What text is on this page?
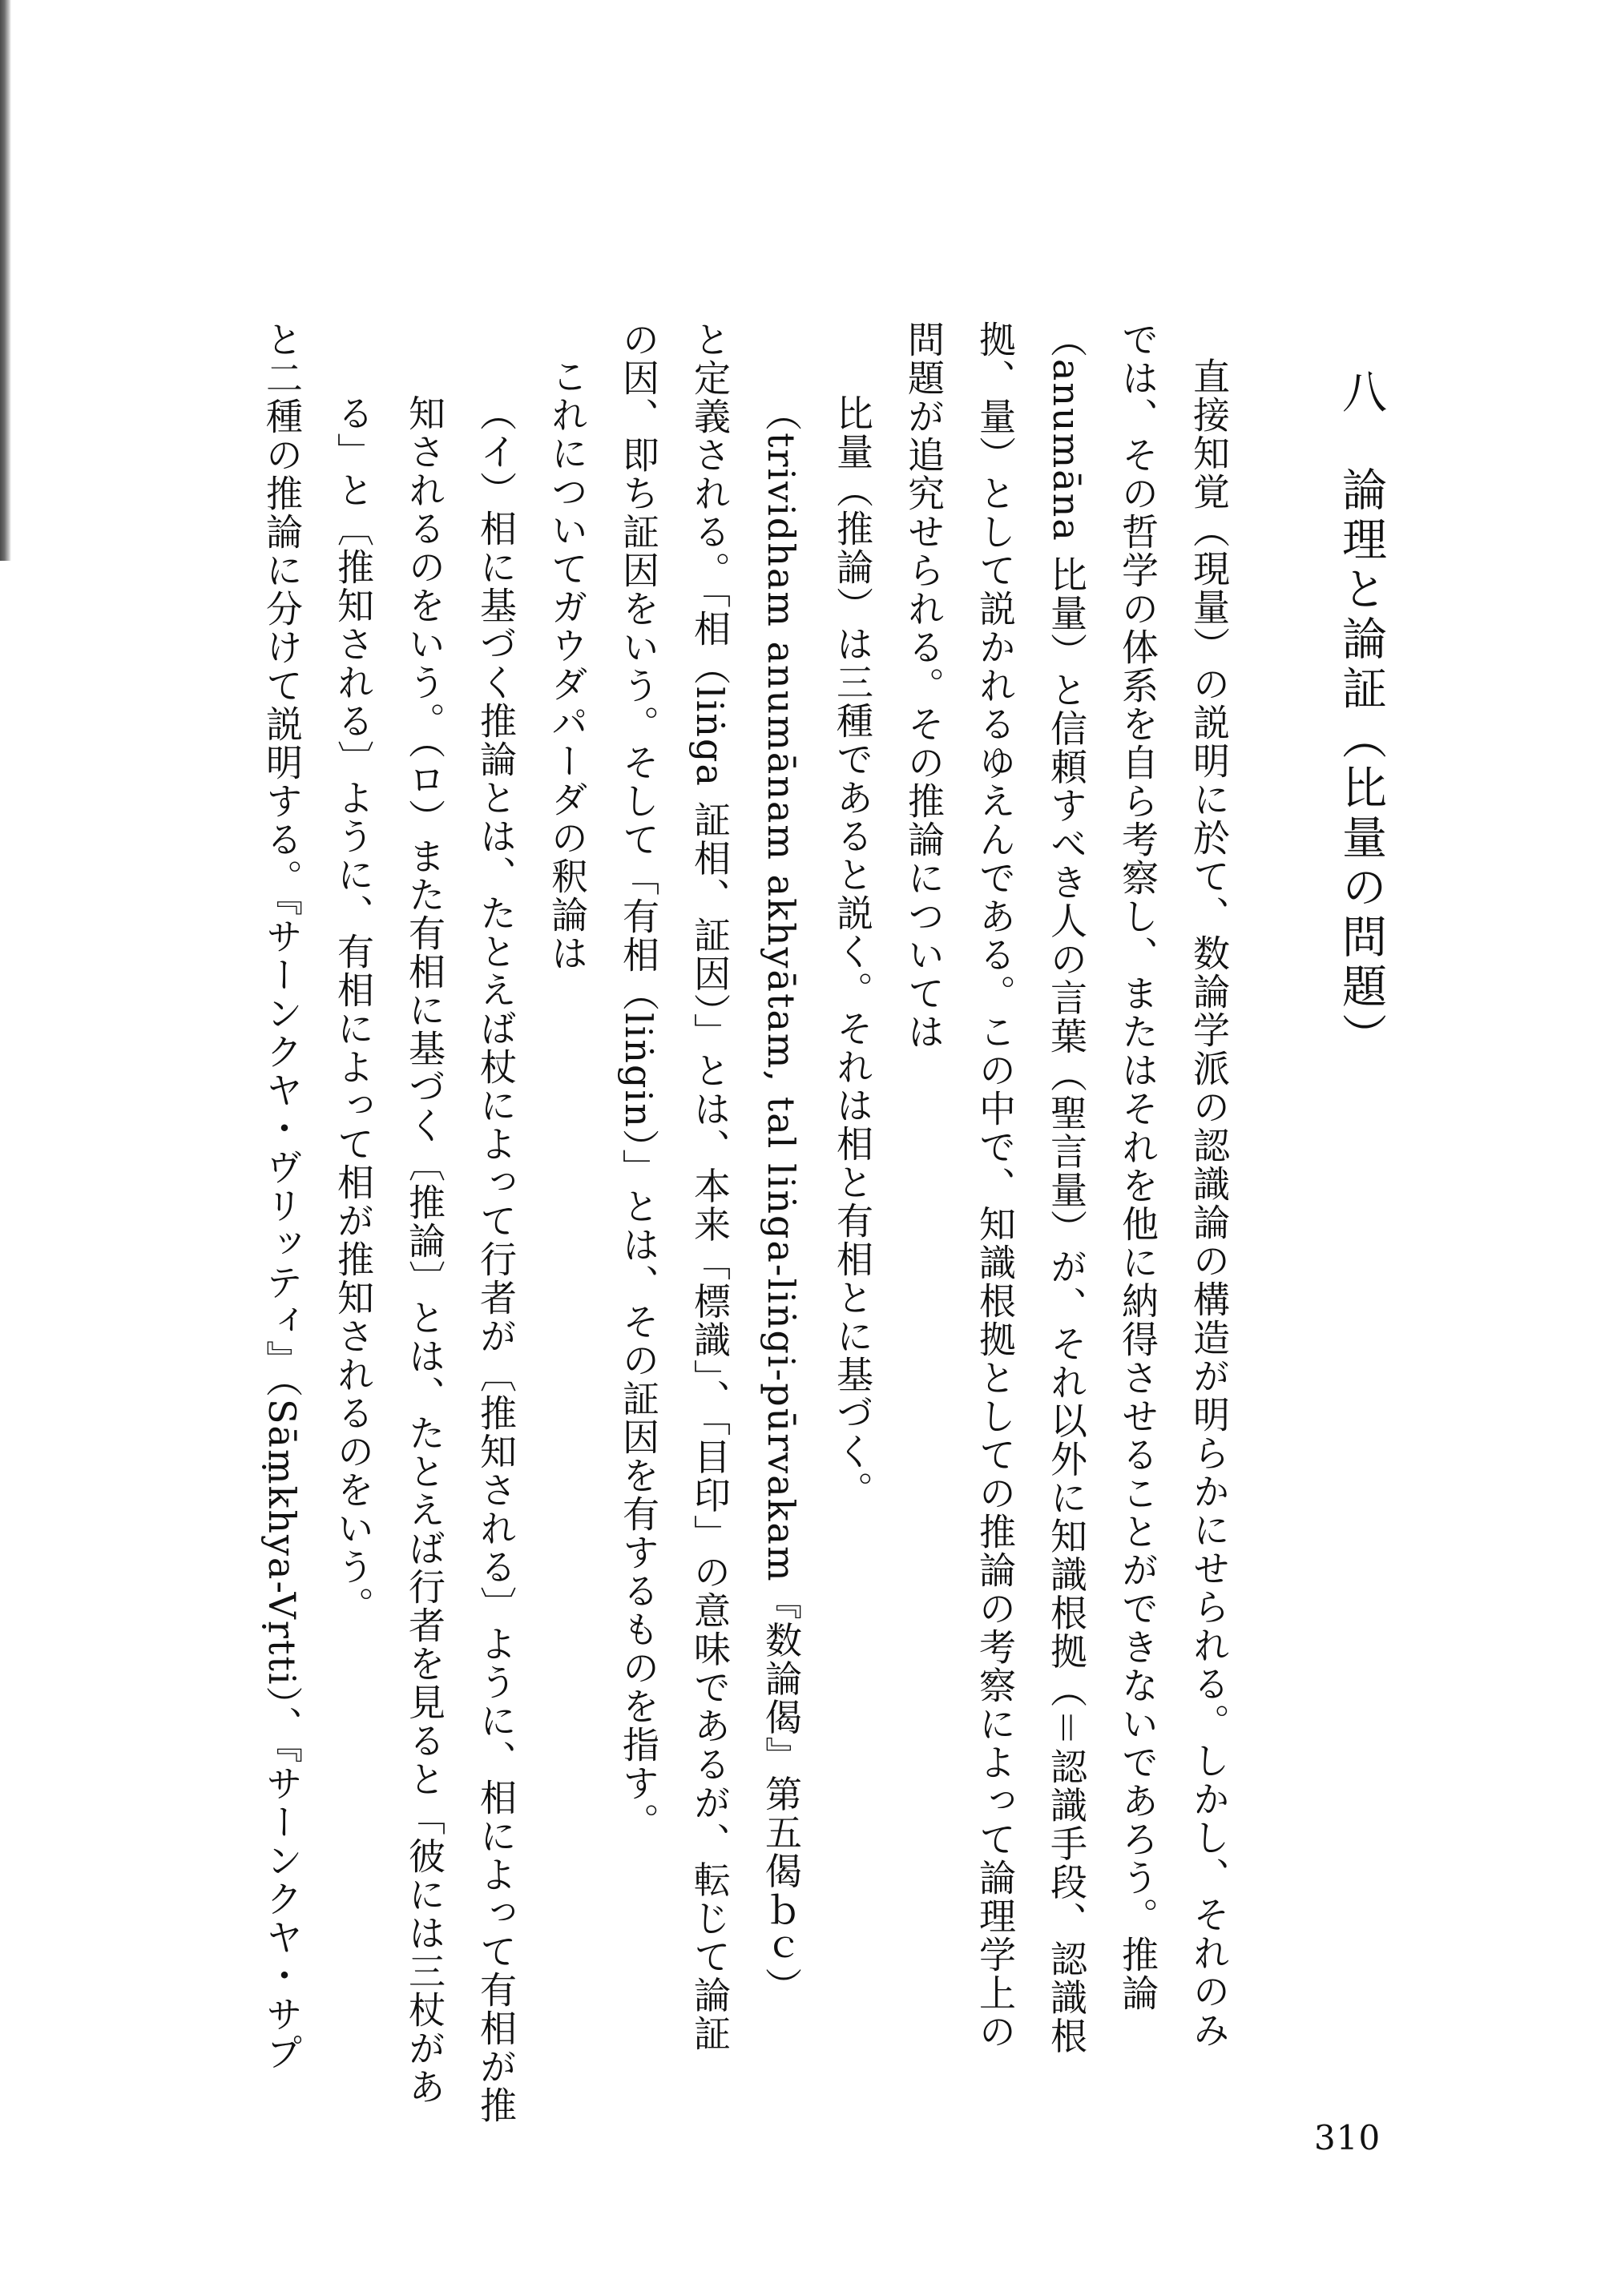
八論理と論証（比量の問題）
直接知覚（現量）の説明に於て、数論学派の認識論の構造が明らかにせられる。しかし、それのみ
では、その哲学の体系を自ら考察し、またはそれを他に納得させることができないであろう。推論
（anumāna 比量）と信頼すべき人の言葉（聖言量）が、それ以外に知識根拠（＝認識手段、認識根
拠、量）として説かれるゆえんである。この中で、知識根拠としての推論の考察によって論理学上の
問題が追究せられる。その推論については
比量（推論）は三種であると説く。それは相と有相とに基づく。
（trividham anumānam akhyātam, tal liṅga-liṅgi-pūrvakam『数論偈』第五偈ｂｃ）
と定義される。「相（liṅga 証相、証因）」とは、本来「標識」、「目印」の意味であるが、転じて論証
の因、即ち証因をいう。そして「有相（liṅgin）」とは、その証因を有するものを指す。
これについてガウダパーダの釈論は
（イ）相に基づく推論とは、たとえば杖によって行者が〔推知される〕ように、相によって有相が推
知されるのをいう。（ロ）また有相に基づく〔推論〕とは、たとえば行者を見ると「彼には三杖があ
る」と〔推知される〕ように、有相によって相が推知されるのをいう。
と二種の推論に分けて説明する。『サーンクヤ・ヴリッティ』（Sāṃkhya-Vṛtti）、『サーンクヤ・サプ
310
